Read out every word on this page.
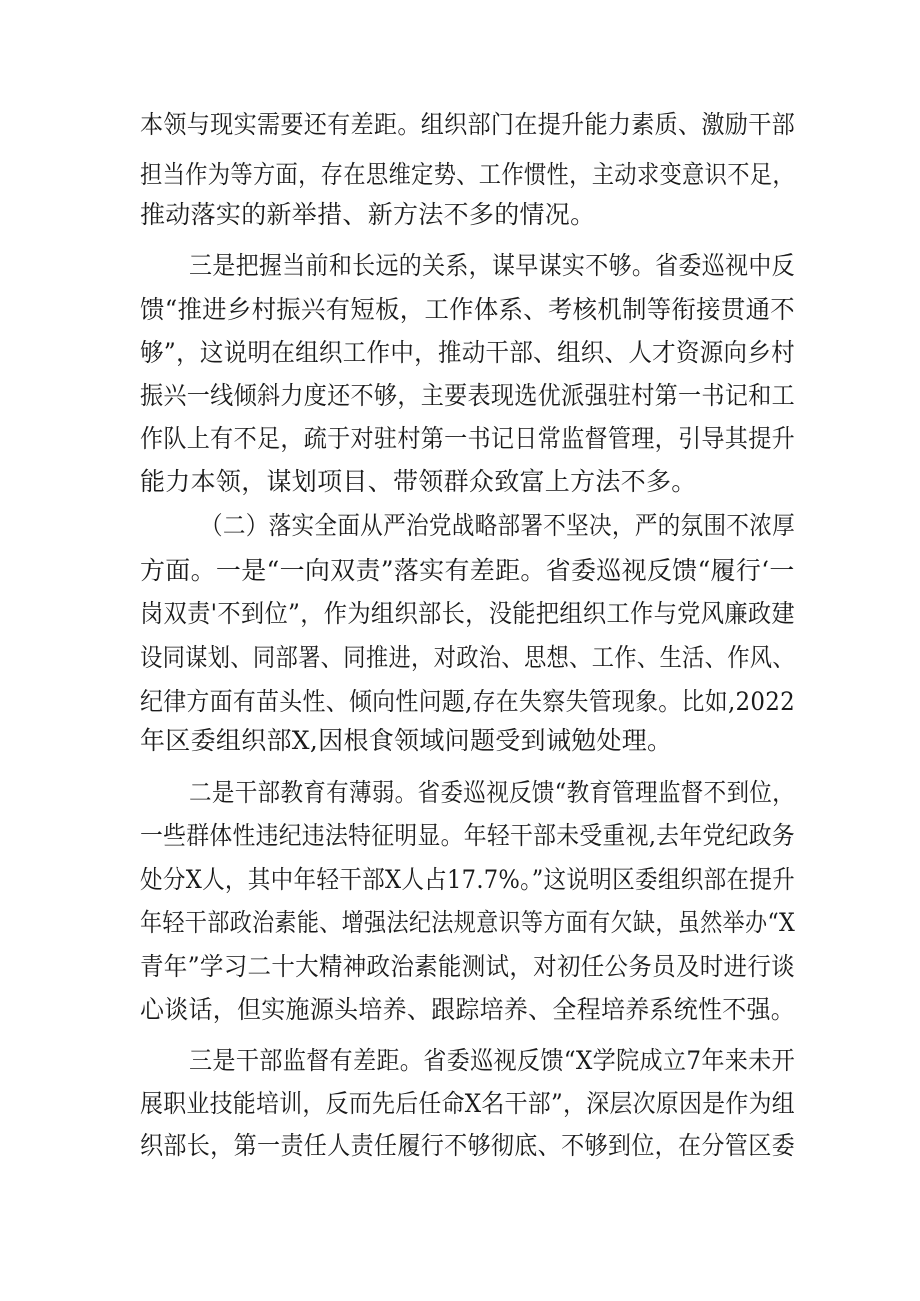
本领与现实需要还有差距。组织部门在提升能力素质、激励干部
担当作为等方面，存在思维定势、工作惯性，主动求变意识不足，
推动落实的新举措、新方法不多的情况。
三是把握当前和长远的关系，谋早谋实不够。省委巡视中反
馈“推进乡村振兴有短板，工作体系、考核机制等衔接贯通不
够”，这说明在组织工作中，推动干部、组织、人才资源向乡村
振兴一线倾斜力度还不够，主要表现选优派强驻村第一书记和工
作队上有不足，疏于对驻村第一书记日常监督管理，引导其提升
能力本领，谋划项目、带领群众致富上方法不多。
（二）落实全面从严治党战略部署不坚决，严的氛围不浓厚
方面。一是“一向双责”落实有差距。省委巡视反馈“履行‘一
岗双责'不到位”，作为组织部长，没能把组织工作与党风廉政建
设同谋划、同部署、同推进，对政治、思想、工作、生活、作风、
纪律方面有苗头性、倾向性问题,存在失察失管现象。比如,2022
年区委组织部X,因根食领域问题受到诫勉处理。
二是干部教育有薄弱。省委巡视反馈“教育管理监督不到位，
一些群体性违纪违法特征明显。年轻干部未受重视,去年党纪政务
处分X人，其中年轻干部X人占17.7%。”这说明区委组织部在提升
年轻干部政治素能、增强法纪法规意识等方面有欠缺，虽然举办“X
青年”学习二十大精神政治素能测试，对初任公务员及时进行谈
心谈话，但实施源头培养、跟踪培养、全程培养系统性不强。
三是干部监督有差距。省委巡视反馈“X学院成立7年来未开
展职业技能培训，反而先后任命X名干部”，深层次原因是作为组
织部长，第一责任人责任履行不够彻底、不够到位，在分管区委
